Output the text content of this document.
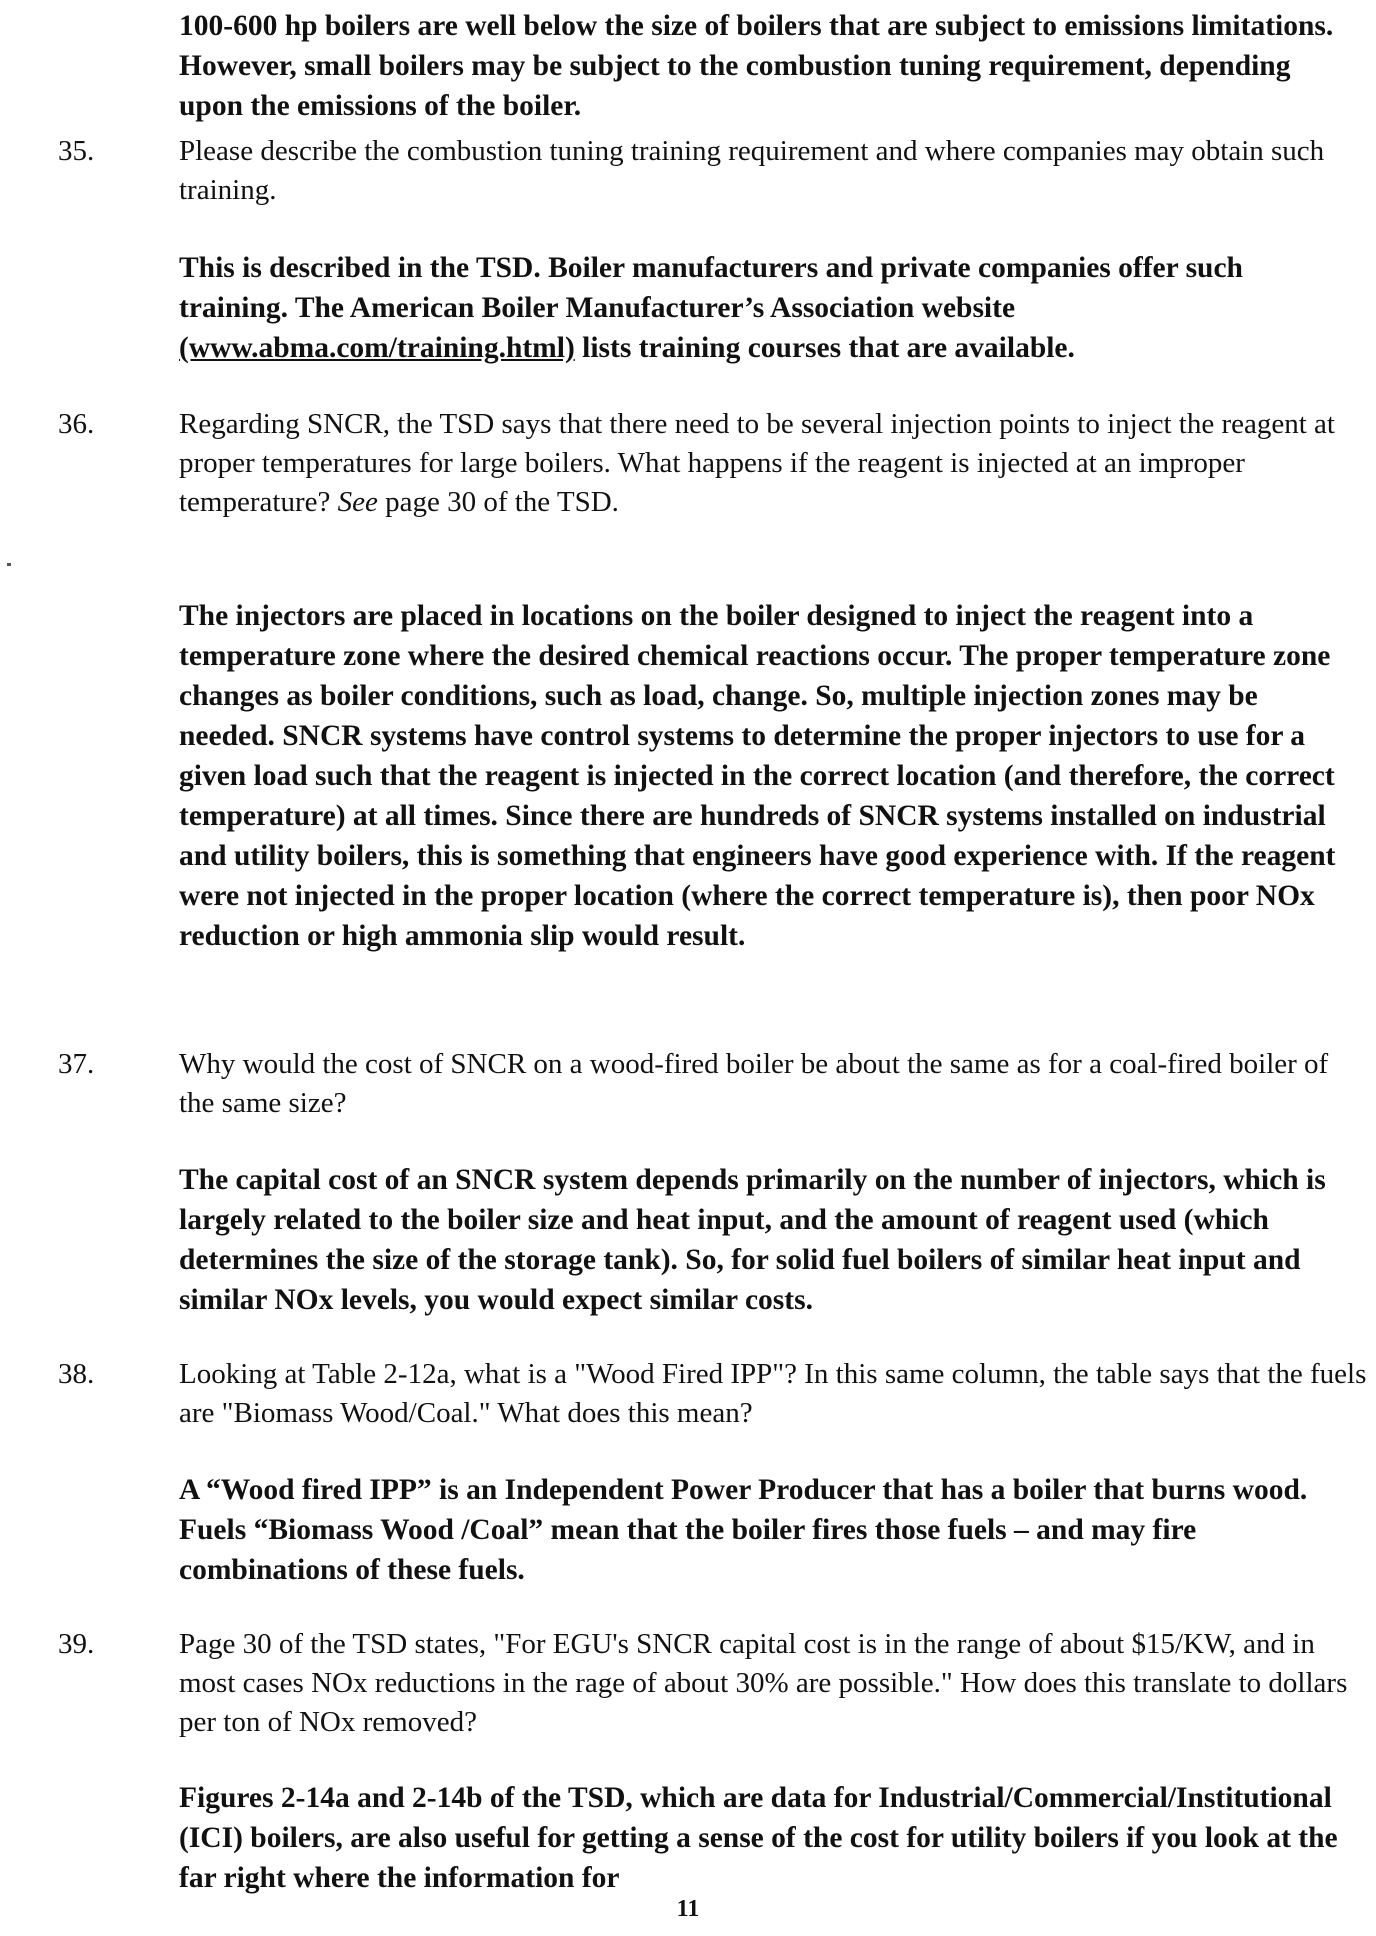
100-600 hp boilers are well below the size of boilers that are subject to emissions limitations. However, small boilers may be subject to the combustion tuning requirement, depending upon the emissions of the boiler.
35.	Please describe the combustion tuning training requirement and where companies may obtain such training.
This is described in the TSD. Boiler manufacturers and private companies offer such training. The American Boiler Manufacturer’s Association website (www.abma.com/training.html) lists training courses that are available.
36.	Regarding SNCR, the TSD says that there need to be several injection points to inject the reagent at proper temperatures for large boilers. What happens if the reagent is injected at an improper temperature? See page 30 of the TSD.
The injectors are placed in locations on the boiler designed to inject the reagent into a temperature zone where the desired chemical reactions occur. The proper temperature zone changes as boiler conditions, such as load, change. So, multiple injection zones may be needed. SNCR systems have control systems to determine the proper injectors to use for a given load such that the reagent is injected in the correct location (and therefore, the correct temperature) at all times. Since there are hundreds of SNCR systems installed on industrial and utility boilers, this is something that engineers have good experience with. If the reagent were not injected in the proper location (where the correct temperature is), then poor NOx reduction or high ammonia slip would result.
37.	Why would the cost of SNCR on a wood-fired boiler be about the same as for a coal-fired boiler of the same size?
The capital cost of an SNCR system depends primarily on the number of injectors, which is largely related to the boiler size and heat input, and the amount of reagent used (which determines the size of the storage tank). So, for solid fuel boilers of similar heat input and similar NOx levels, you would expect similar costs.
38.	Looking at Table 2-12a, what is a "Wood Fired IPP"? In this same column, the table says that the fuels are "Biomass Wood/Coal." What does this mean?
A “Wood fired IPP” is an Independent Power Producer that has a boiler that burns wood. Fuels “Biomass Wood /Coal” mean that the boiler fires those fuels – and may fire combinations of these fuels.
39.	Page 30 of the TSD states, "For EGU's SNCR capital cost is in the range of about $15/KW, and in most cases NOx reductions in the rage of about 30% are possible." How does this translate to dollars per ton of NOx removed?
Figures 2-14a and 2-14b of the TSD, which are data for Industrial/Commercial/Institutional (ICI) boilers, are also useful for getting a sense of the cost for utility boilers if you look at the far right where the information for
11
